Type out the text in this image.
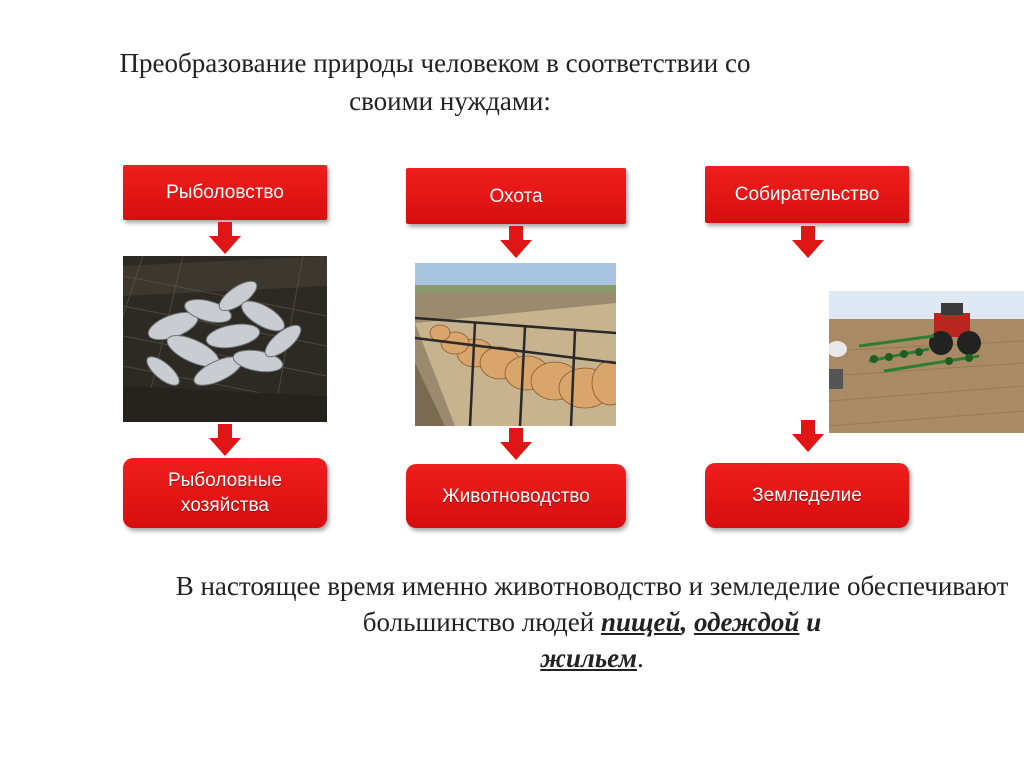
Преобразование природы человеком в соответствии со
своими нуждами:
Рыболовство
Рыболовные
хозяйства
Охота
Животноводство
Собирательство
Земледелие
В настоящее время именно животноводство и земледелие обеспечивают большинство людей пищей, одеждой и
жильем.
